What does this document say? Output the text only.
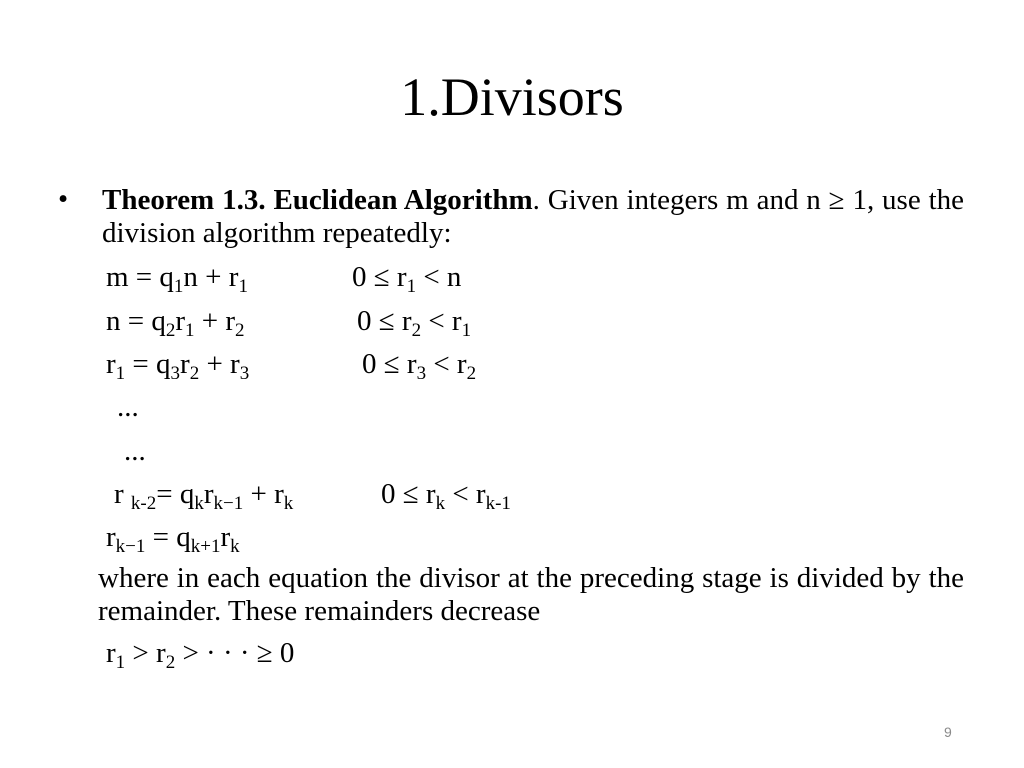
1.Divisors
• Theorem 1.3. Euclidean Algorithm. Given integers m and n ≥ 1, use the division algorithm repeatedly:
$m = q_1n + r_1$	$0 \le r_1 < n$
$n = q_2r_1 + r_2$	$0 \le r_2 < r_1$
$r_1 = q_3r_2 + r_3$	$0 \le r_3 < r_2$
...
...
r $_{k-2}= q_kr_{k-1} + r_k$	$0 \le r_k < r_{k-1}$
$r_{k-1} = q_{k+1}r_k$
where in each equation the divisor at the preceding stage is divided by the remainder. These remainders decrease
$r_1 > r_2$ > · · · ≥ 0
9
